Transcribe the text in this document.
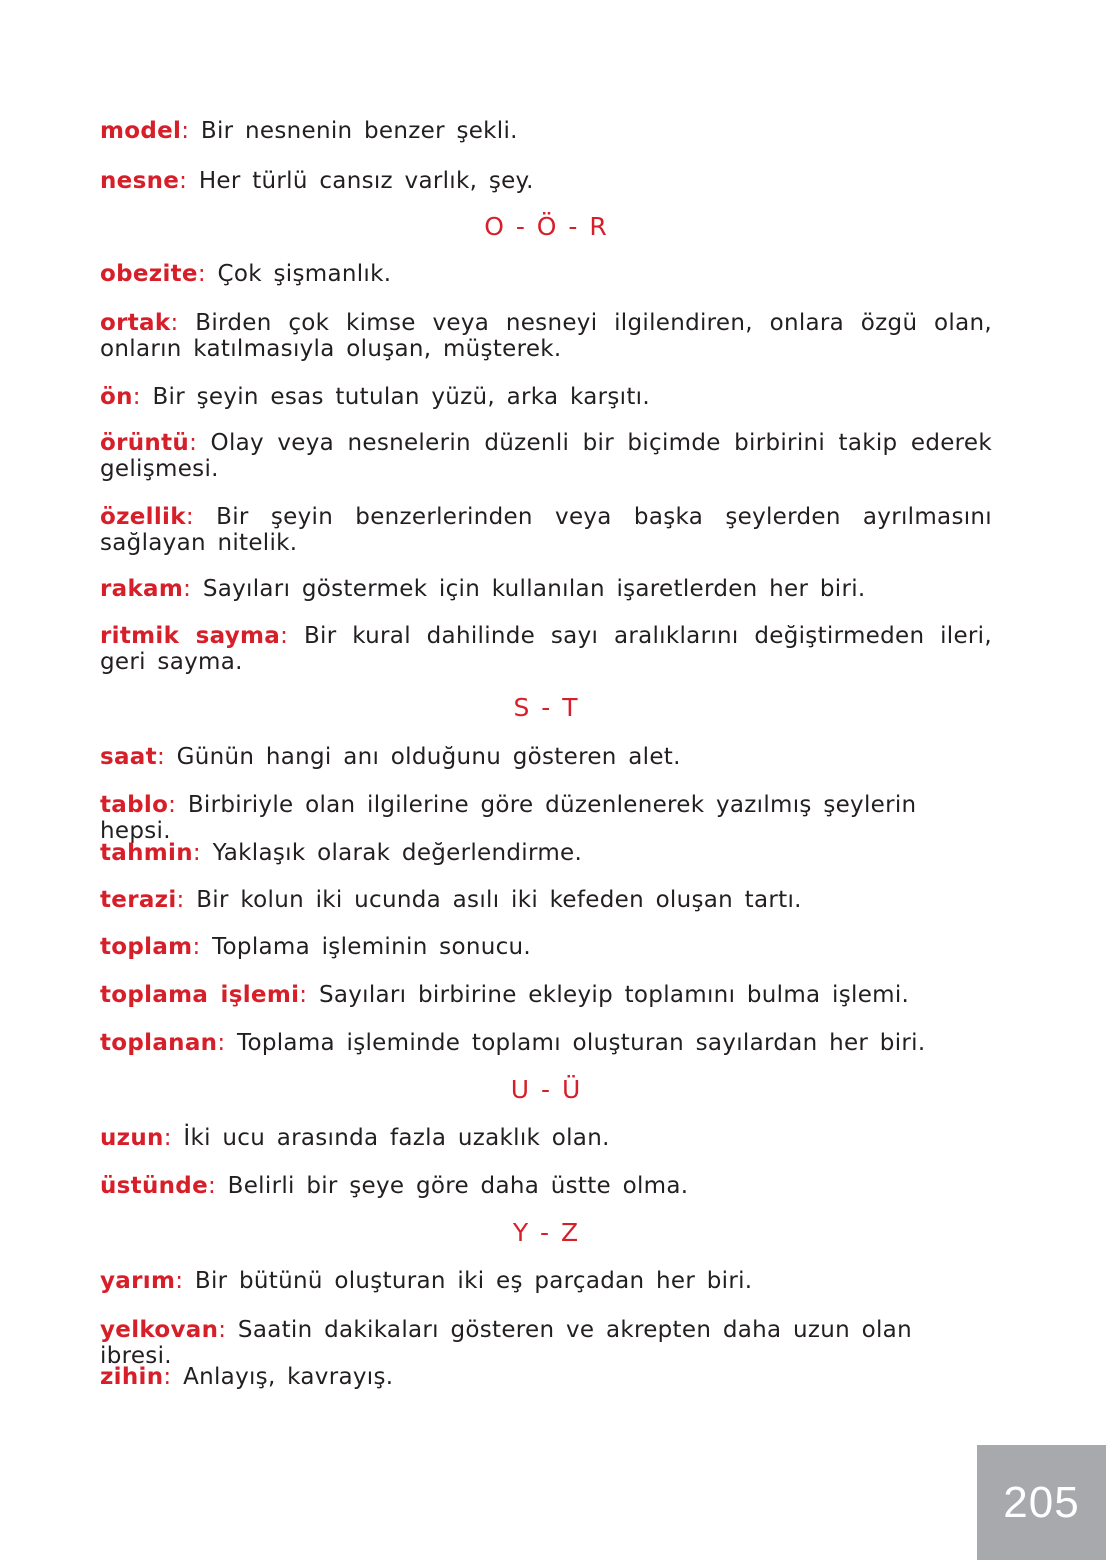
model: Bir nesnenin benzer şekli.
nesne: Her türlü cansız varlık, şey.
O - Ö - R
obezite: Çok şişmanlık.
ortak: Birden çok kimse veya nesneyi ilgilendiren, onlara özgü olan, onların katılmasıyla oluşan, müşterek.
ön: Bir şeyin esas tutulan yüzü, arka karşıtı.
örüntü: Olay veya nesnelerin düzenli bir biçimde birbirini takip ederek gelişmesi.
özellik: Bir şeyin benzerlerinden veya başka şeylerden ayrılmasını sağlayan nitelik.
rakam: Sayıları göstermek için kullanılan işaretlerden her biri.
ritmik sayma: Bir kural dahilinde sayı aralıklarını değiştirmeden ileri, geri sayma.
S - T
saat: Günün hangi anı olduğunu gösteren alet.
tablo: Birbiriyle olan ilgilerine göre düzenlenerek yazılmış şeylerin hepsi.
tahmin: Yaklaşık olarak değerlendirme.
terazi: Bir kolun iki ucunda asılı iki kefeden oluşan tartı.
toplam: Toplama işleminin sonucu.
toplama işlemi: Sayıları birbirine ekleyip toplamını bulma işlemi.
toplanan: Toplama işleminde toplamı oluşturan sayılardan her biri.
U - Ü
uzun: İki ucu arasında fazla uzaklık olan.
üstünde: Belirli bir şeye göre daha üstte olma.
Y - Z
yarım: Bir bütünü oluşturan iki eş parçadan her biri.
yelkovan: Saatin dakikaları gösteren ve akrepten daha uzun olan ibresi.
zihin: Anlayış, kavrayış.
205
